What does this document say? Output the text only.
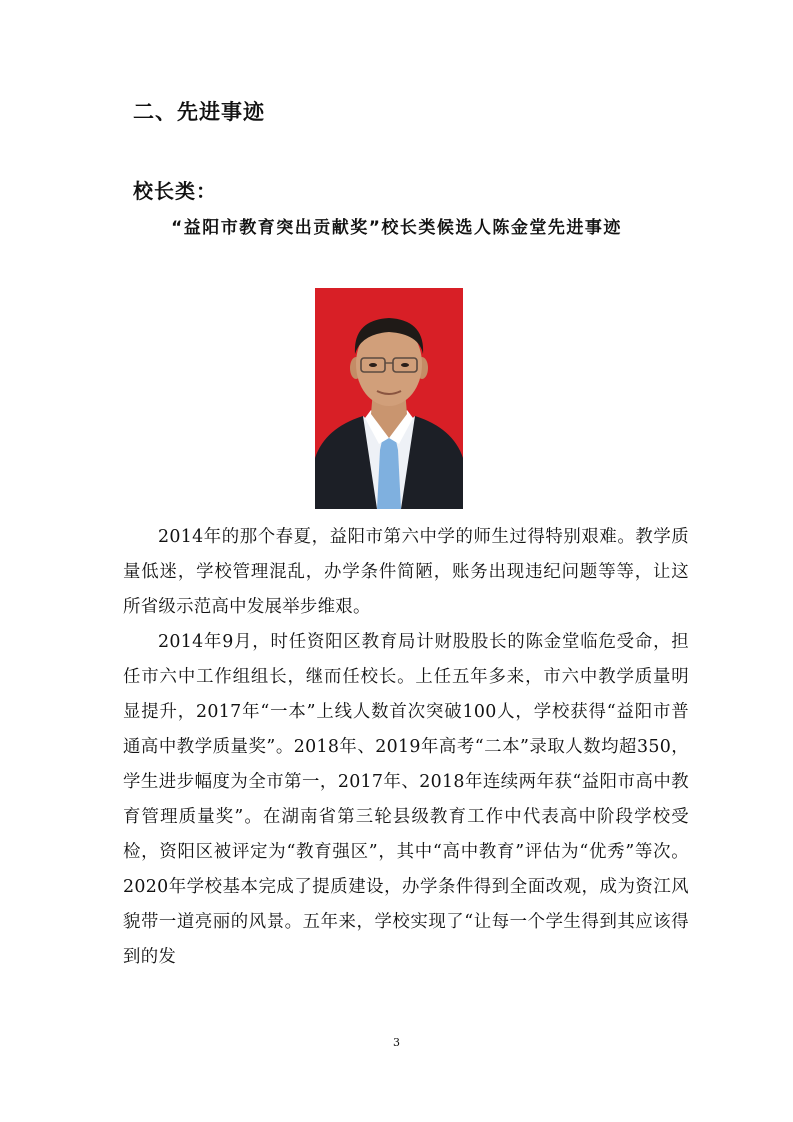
二、先进事迹
校长类：
“益阳市教育突出贡献奖”校长类候选人陈金堂先进事迹

2014年的那个春夏，益阳市第六中学的师生过得特别艰难。教学质量低迷，学校管理混乱，办学条件简陋，账务出现违纪问题等等，让这所省级示范高中发展举步维艰。

2014年9月，时任资阳区教育局计财股股长的陈金堂临危受命，担任市六中工作组组长，继而任校长。上任五年多来，市六中教学质量明显提升，2017年“一本”上线人数首次突破100人，学校获得“益阳市普通高中教学质量奖”。2018年、2019年高考“二本”录取人数均超350，学生进步幅度为全市第一，2017年、2018年连续两年获“益阳市高中教育管理质量奖”。在湖南省第三轮县级教育工作中代表高中阶段学校受检，资阳区被评定为“教育强区”，其中“高中教育”评估为“优秀”等次。2020年学校基本完成了提质建设，办学条件得到全面改观，成为资江风貌带一道亮丽的风景。五年来，学校实现了“让每一个学生得到其应该得到的发

3
